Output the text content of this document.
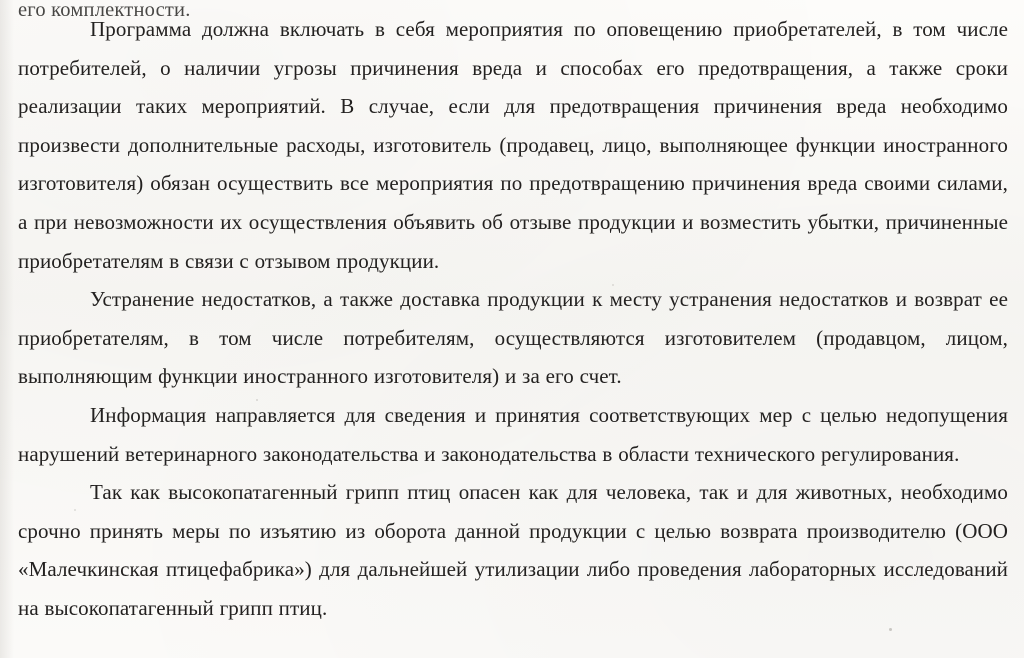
его комплектности.

Программа должна включать в себя мероприятия по оповещению приобретателей, в том числе потребителей, о наличии угрозы причинения вреда и способах его предотвращения, а также сроки реализации таких мероприятий. В случае, если для предотвращения причинения вреда необходимо произвести дополнительные расходы, изготовитель (продавец, лицо, выполняющее функции иностранного изготовителя) обязан осуществить все мероприятия по предотвращению причинения вреда своими силами, а при невозможности их осуществления объявить об отзыве продукции и возместить убытки, причиненные приобретателям в связи с отзывом продукции.

Устранение недостатков, а также доставка продукции к месту устранения недостатков и возврат ее приобретателям, в том числе потребителям, осуществляются изготовителем (продавцом, лицом, выполняющим функции иностранного изготовителя) и за его счет.

Информация направляется для сведения и принятия соответствующих мер с целью недопущения нарушений ветеринарного законодательства и законодательства в области технического регулирования.

Так как высокопатагенный грипп птиц опасен как для человека, так и для животных, необходимо срочно принять меры по изъятию из оборота данной продукции с целью возврата производителю (ООО «Малечкинская птицефабрика») для дальнейшей утилизации либо проведения лабораторных исследований на высокопатагенный грипп птиц.
